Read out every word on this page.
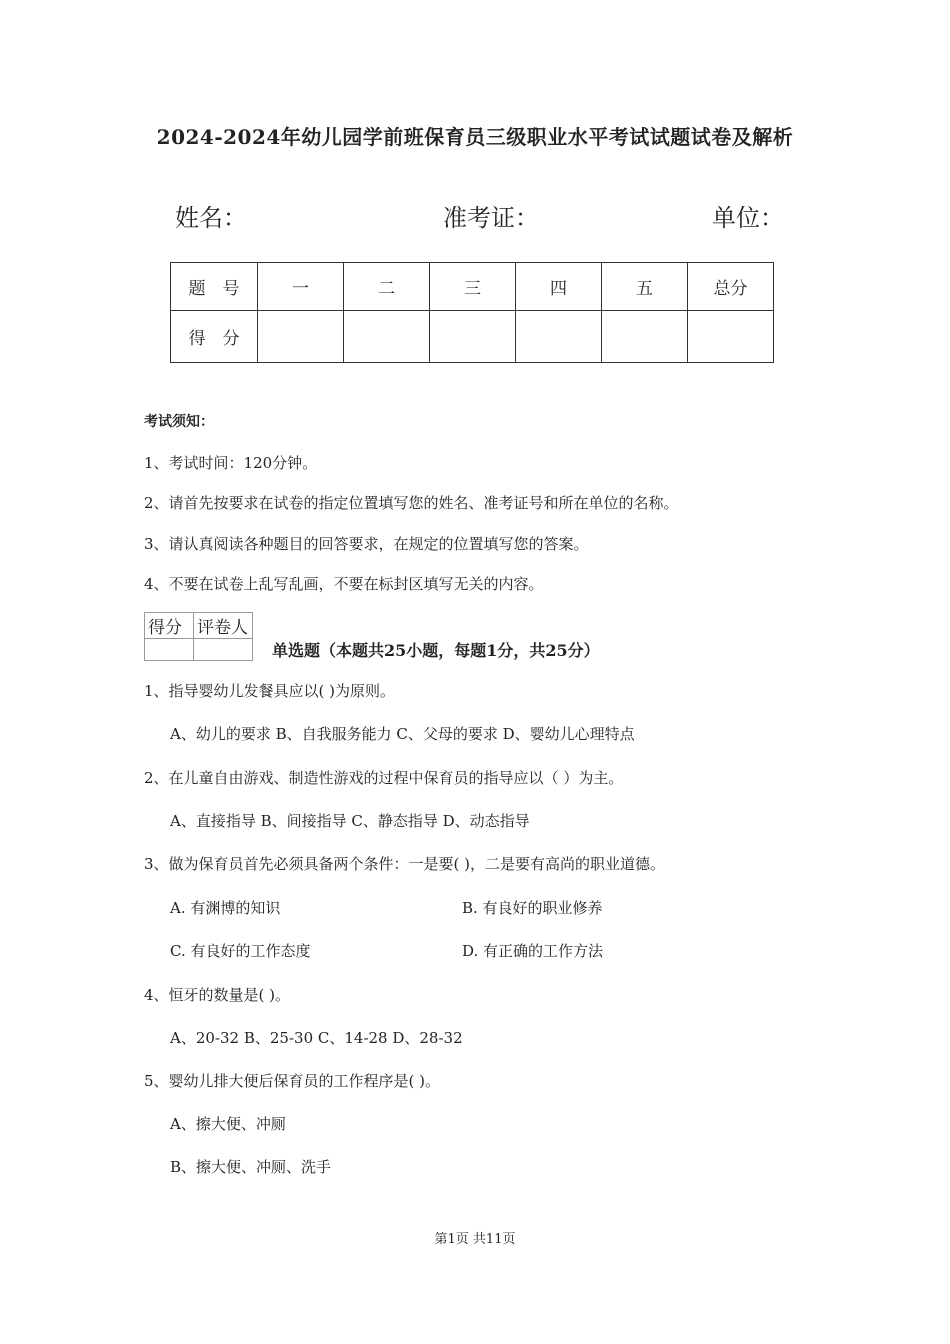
2024-2024年幼儿园学前班保育员三级职业水平考试试题试卷及解析
姓名：	准考证：	单位：
题　号	一	二	三	四	五	总分
得　分						
考试须知：
1、考试时间：120分钟。
2、请首先按要求在试卷的指定位置填写您的姓名、准考证号和所在单位的名称。
3、请认真阅读各种题目的回答要求，在规定的位置填写您的答案。
4、不要在试卷上乱写乱画，不要在标封区填写无关的内容。
得分	评卷人

单选题（本题共25小题，每题1分，共25分）
1、指导婴幼儿发餐具应以( )为原则。
A、幼儿的要求 B、自我服务能力 C、父母的要求 D、婴幼儿心理特点
2、在儿童自由游戏、制造性游戏的过程中保育员的指导应以（ ）为主。
A、直接指导 B、间接指导 C、静态指导 D、动态指导
3、做为保育员首先必须具备两个条件：一是要( )，二是要有高尚的职业道德。
A. 有渊博的知识	B. 有良好的职业修养
C. 有良好的工作态度	D. 有正确的工作方法
4、恒牙的数量是( )。
A、20-32 B、25-30 C、14-28 D、28-32
5、婴幼儿排大便后保育员的工作程序是( )。
A、擦大便、冲厕
B、擦大便、冲厕、洗手
第1页 共11页
